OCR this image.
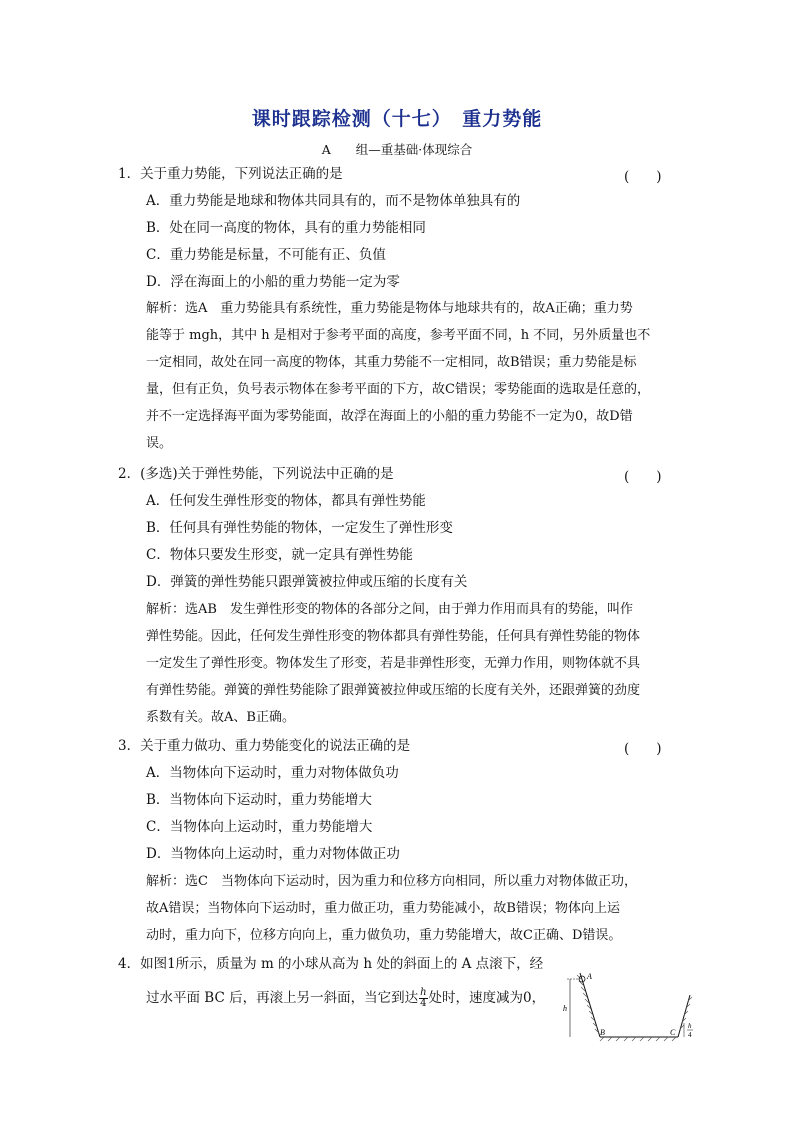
课时跟踪检测（十七）　重力势能
A　　组—重基础·体现综合
1．关于重力势能，下列说法正确的是	(　　)
A．重力势能是地球和物体共同具有的，而不是物体单独具有的
B．处在同一高度的物体，具有的重力势能相同
C．重力势能是标量，不可能有正、负值
D．浮在海面上的小船的重力势能一定为零
解析：选A　重力势能具有系统性，重力势能是物体与地球共有的，故A正确；重力势
能等于 mgh，其中 h 是相对于参考平面的高度，参考平面不同，h 不同，另外质量也不
一定相同，故处在同一高度的物体，其重力势能不一定相同，故B错误；重力势能是标
量，但有正负，负号表示物体在参考平面的下方，故C错误；零势能面的选取是任意的，
并不一定选择海平面为零势能面，故浮在海面上的小船的重力势能不一定为0，故D错
误。
2．(多选)关于弹性势能，下列说法中正确的是	(　　)
A．任何发生弹性形变的物体，都具有弹性势能
B．任何具有弹性势能的物体，一定发生了弹性形变
C．物体只要发生形变，就一定具有弹性势能
D．弹簧的弹性势能只跟弹簧被拉伸或压缩的长度有关
解析：选AB　发生弹性形变的物体的各部分之间，由于弹力作用而具有的势能，叫作
弹性势能。因此，任何发生弹性形变的物体都具有弹性势能，任何具有弹性势能的物体
一定发生了弹性形变。物体发生了形变，若是非弹性形变，无弹力作用，则物体就不具
有弹性势能。弹簧的弹性势能除了跟弹簧被拉伸或压缩的长度有关外，还跟弹簧的劲度
系数有关。故A、B正确。
3．关于重力做功、重力势能变化的说法正确的是	(　　)
A．当物体向下运动时，重力对物体做负功
B．当物体向下运动时，重力势能增大
C．当物体向上运动时，重力势能增大
D．当物体向上运动时，重力对物体做正功
解析：选C　当物体向下运动时，因为重力和位移方向相同，所以重力对物体做正功，
故A错误；当物体向下运动时，重力做正功，重力势能减小，故B错误；物体向上运
动时，重力向下，位移方向向上，重力做负功，重力势能增大，故C正确、D错误。
4．如图1所示，质量为 m 的小球从高为 h 处的斜面上的 A 点滚下，经
过水平面 BC 后，再滚上另一斜面，当它到达 $\frac{h}{4}$ 处时，速度减为0，
A
B	C
h
h
4
